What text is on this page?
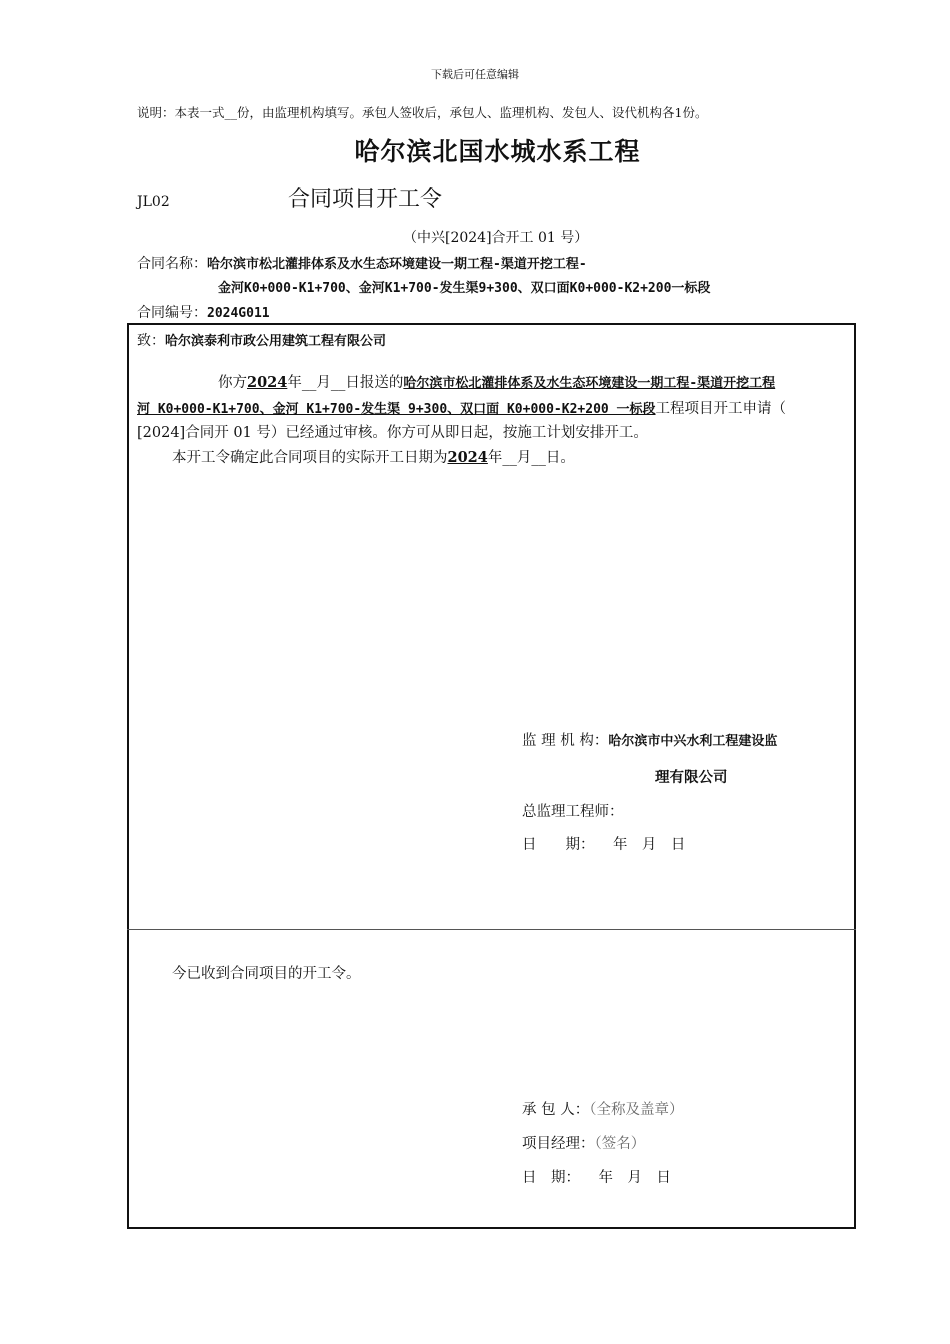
下载后可任意编辑
说明：本表一式__份，由监理机构填写。承包人签收后，承包人、监理机构、发包人、设代机构各1份。
哈尔滨北国水城水系工程
JL02	合同项目开工令
（中兴[2024]合开工 01 号）
合同名称：哈尔滨市松北灌排体系及水生态环境建设一期工程-渠道开挖工程-
金河K0+000-K1+700、金河K1+700-发生渠9+300、双口面K0+000-K2+200一标段
合同编号：2024G011
致：哈尔滨泰利市政公用建筑工程有限公司
你方2024年__月__日报送的哈尔滨市松北灌排体系及水生态环境建设一期工程-渠道开挖工程
河 K0+000-K1+700、金河 K1+700-发生渠 9+300、双口面 K0+000-K2+200 一标段工程项目开工申请（
[2024]合同开 01 号）已经通过审核。你方可从即日起，按施工计划安排开工。
本开工令确定此合同项目的实际开工日期为2024年__月__日。
监 理 机 构：哈尔滨市中兴水利工程建设监
理有限公司
总监理工程师：
日　　期： 年　月　日
今已收到合同项目的开工令。
承 包 人：（全称及盖章）
项目经理：（签名）
日　期： 年　月　日
